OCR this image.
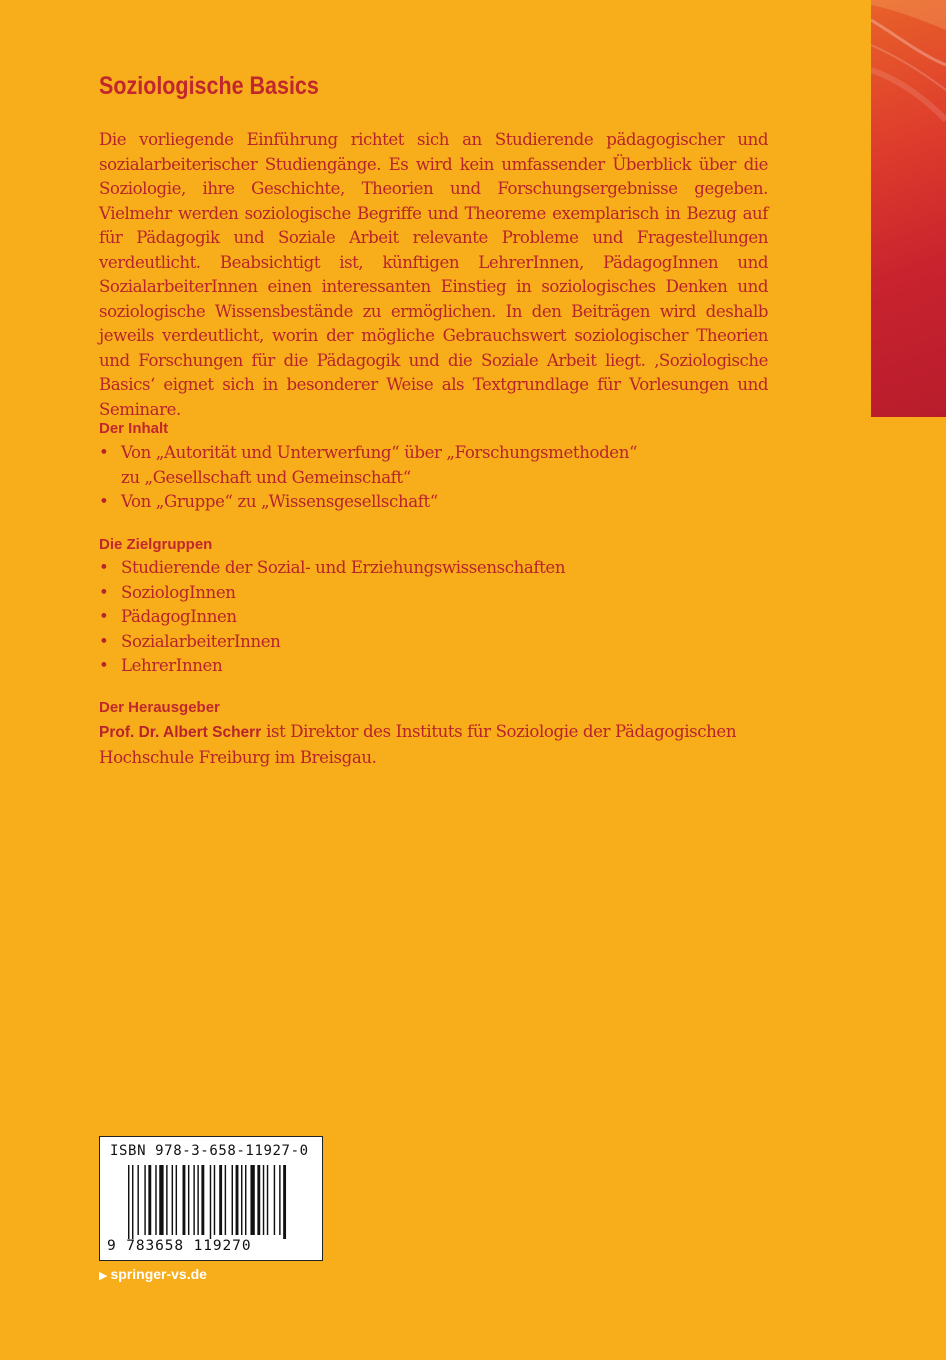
Soziologische Basics

Die vorliegende Einführung richtet sich an Studierende pädagogischer und sozialarbeiterischer Studiengänge. Es wird kein umfassender Überblick über die Soziologie, ihre Geschichte, Theorien und Forschungsergebnisse gegeben. Vielmehr werden soziologische Begriffe und Theoreme exemplarisch in Bezug auf für Pädagogik und Soziale Arbeit relevante Probleme und Fragestellungen verdeutlicht. Beabsichtigt ist, künftigen LehrerInnen, PädagogInnen und SozialarbeiterInnen einen interessanten Einstieg in soziologisches Denken und soziologische Wissensbestände zu ermöglichen. In den Beiträgen wird deshalb jeweils verdeutlicht, worin der mögliche Gebrauchswert soziologischer Theorien und Forschungen für die Pädagogik und die Soziale Arbeit liegt. ‚Soziologische Basics‘ eignet sich in besonderer Weise als Textgrundlage für Vorlesungen und Seminare.

Der Inhalt
• Von „Autorität und Unterwerfung“ über „Forschungsmethoden“
zu „Gesellschaft und Gemeinschaft“
• Von „Gruppe“ zu „Wissensgesellschaft“
Die Zielgruppen
• Studierende der Sozial- und Erziehungswissenschaften
• SoziologInnen
• PädagogInnen
• SozialarbeiterInnen
• LehrerInnen
Der Herausgeber

Prof. Dr. Albert Scherr ist Direktor des Instituts für Soziologie der Pädagogischen Hochschule Freiburg im Breisgau.

ISBN 978-3-658-11927-0
9 783658 119270
▶ springer-vs.de
